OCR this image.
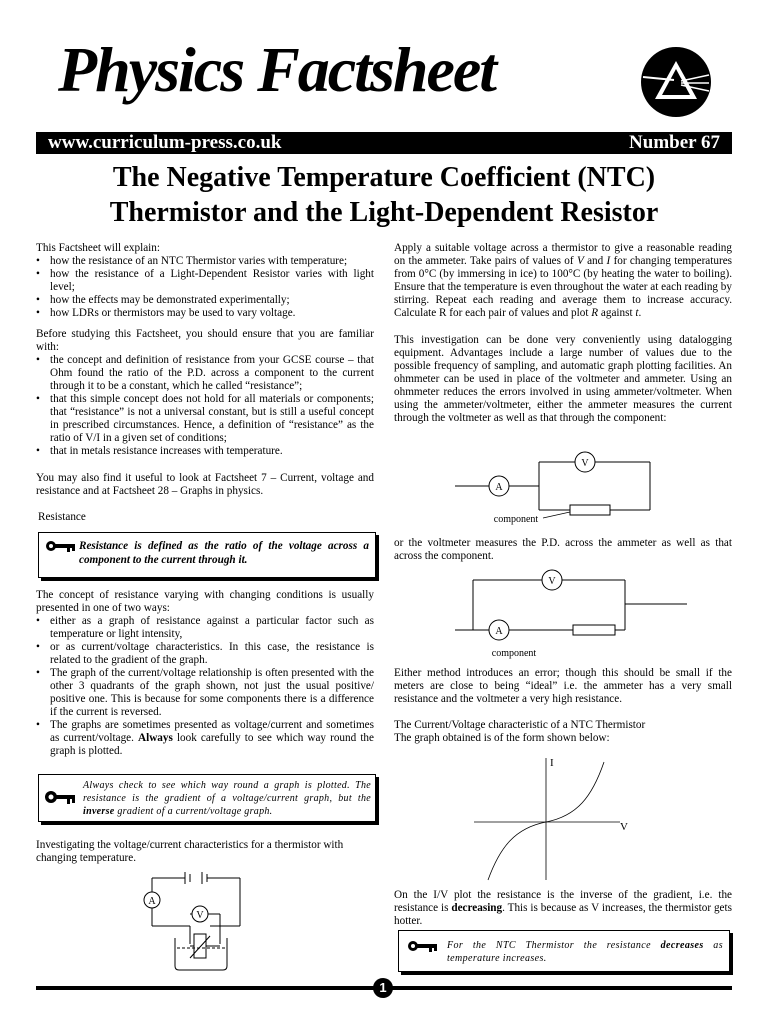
Physics Factsheet
www.curriculum-press.co.uk	Number 67
The Negative Temperature Coefficient (NTC)
Thermistor and the Light-Dependent Resistor

This Factsheet will explain:

• how the resistance of an NTC Thermistor varies with temperature;
• how the resistance of a Light-Dependent Resistor varies with light level;
• how the effects may be demonstrated experimentally;
• how LDRs or thermistors may be used to vary voltage.

Before studying this Factsheet, you should ensure that you are familiar with:

• the concept and definition of resistance from your GCSE course – that Ohm found the ratio of the P.D. across a component to the current through it to be a constant, which he called “resistance”;
• that this simple concept does not hold for all materials or components; that “resistance” is not a universal constant, but is still a useful concept in prescribed circumstances. Hence, a definition of “resistance” as the ratio of V/I in a given set of conditions;
• that in metals resistance increases with temperature.

You may also find it useful to look at Factsheet 7 – Current, voltage and resistance and at Factsheet 28 – Graphs in physics.

Resistance
Resistance is defined as the ratio of the voltage across a component to the current through it.

The concept of resistance varying with changing conditions is usually presented in one of two ways:

• either as a graph of resistance against a particular factor such as temperature or light intensity,
• or as current/voltage characteristics. In this case, the resistance is related to the gradient of the graph.
• The graph of the current/voltage relationship is often presented with the other 3 quadrants of the graph shown, not just the usual positive/ positive one. This is because for some components there is a difference if the current is reversed.
• The graphs are sometimes presented as voltage/current and sometimes as current/voltage. Always look carefully to see which way round the graph is plotted.
Always check to see which way round a graph is plotted. The resistance is the gradient of a voltage/current graph, but the inverse gradient of a current/voltage graph.
Investigating the voltage/current characteristics for a thermistor with changing temperature.
A
V

Apply a suitable voltage across a thermistor to give a reasonable reading on the ammeter. Take pairs of values of V and I for changing temperatures from 0°C (by immersing in ice) to 100°C (by heating the water to boiling). Ensure that the temperature is even throughout the water at each reading by stirring. Repeat each reading and average them to increase accuracy. Calculate R for each pair of values and plot R against t.

This investigation can be done very conveniently using datalogging equipment. Advantages include a large number of values due to the possible frequency of sampling, and automatic graph plotting facilities. An ohmmeter can be used in place of the voltmeter and ammeter. Using an ohmmeter reduces the errors involved in using ammeter/voltmeter. When using the ammeter/voltmeter, either the ammeter measures the current through the voltmeter as well as that through the component:

V
A
component
or the voltmeter measures the P.D. across the ammeter as well as that across the component.
V
A
component
Either method introduces an error; though this should be small if the meters are close to being “ideal” i.e. the ammeter has a very small resistance and the voltmeter a very high resistance.
The Current/Voltage characteristic of a NTC Thermistor
The graph obtained is of the form shown below:
I
V
On the I/V plot the resistance is the inverse of the gradient, i.e. the resistance is decreasing. This is because as V increases, the thermistor gets hotter.
For the NTC Thermistor the resistance decreases as temperature increases.
1
